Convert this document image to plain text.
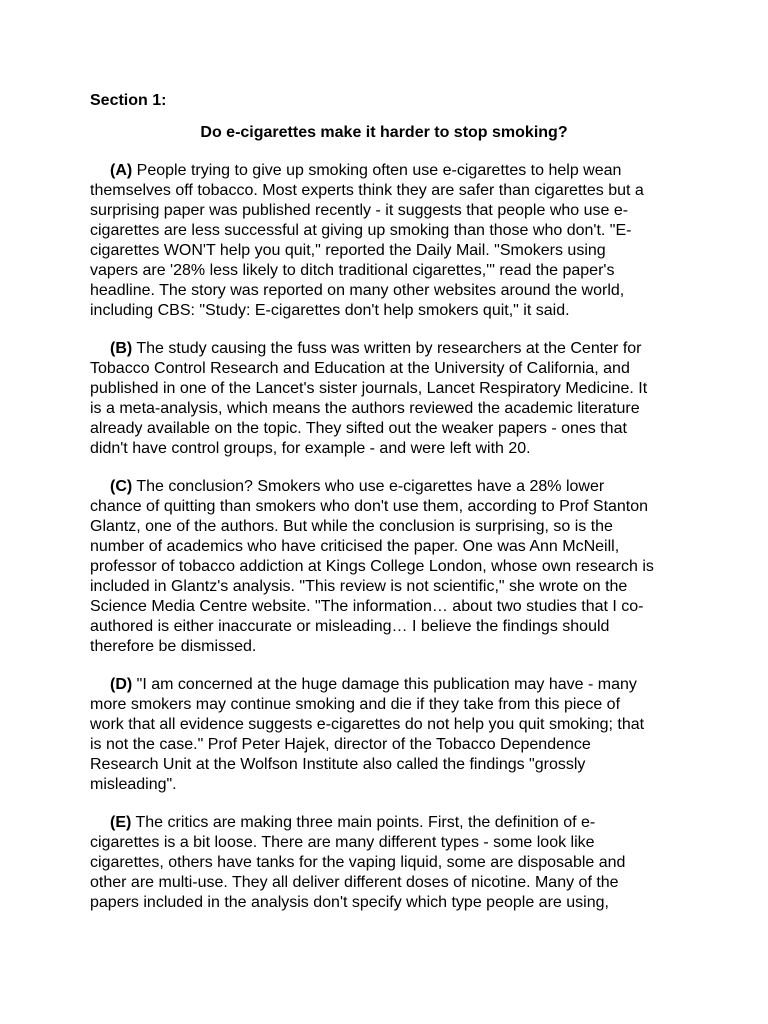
Section 1:
Do e-cigarettes make it harder to stop smoking?

(A) People trying to give up smoking often use e-cigarettes to help wean themselves off tobacco. Most experts think they are safer than cigarettes but a surprising paper was published recently - it suggests that people who use e-cigarettes are less successful at giving up smoking than those who don't. "E-cigarettes WON'T help you quit," reported the Daily Mail. "Smokers using vapers are '28% less likely to ditch traditional cigarettes,'" read the paper's headline. The story was reported on many other websites around the world, including CBS: "Study: E-cigarettes don't help smokers quit," it said.

(B) The study causing the fuss was written by researchers at the Center for Tobacco Control Research and Education at the University of California, and published in one of the Lancet's sister journals, Lancet Respiratory Medicine. It is a meta-analysis, which means the authors reviewed the academic literature already available on the topic. They sifted out the weaker papers - ones that didn't have control groups, for example - and were left with 20.

(C) The conclusion? Smokers who use e-cigarettes have a 28% lower chance of quitting than smokers who don't use them, according to Prof Stanton Glantz, one of the authors. But while the conclusion is surprising, so is the number of academics who have criticised the paper. One was Ann McNeill, professor of tobacco addiction at Kings College London, whose own research is included in Glantz's analysis. "This review is not scientific," she wrote on the Science Media Centre website. "The information… about two studies that I co-authored is either inaccurate or misleading… I believe the findings should therefore be dismissed.

(D) "I am concerned at the huge damage this publication may have - many more smokers may continue smoking and die if they take from this piece of work that all evidence suggests e-cigarettes do not help you quit smoking; that is not the case." Prof Peter Hajek, director of the Tobacco Dependence Research Unit at the Wolfson Institute also called the findings "grossly misleading".

(E) The critics are making three main points. First, the definition of e-cigarettes is a bit loose. There are many different types - some look like cigarettes, others have tanks for the vaping liquid, some are disposable and other are multi-use. They all deliver different doses of nicotine. Many of the papers included in the analysis don't specify which type people are using,
